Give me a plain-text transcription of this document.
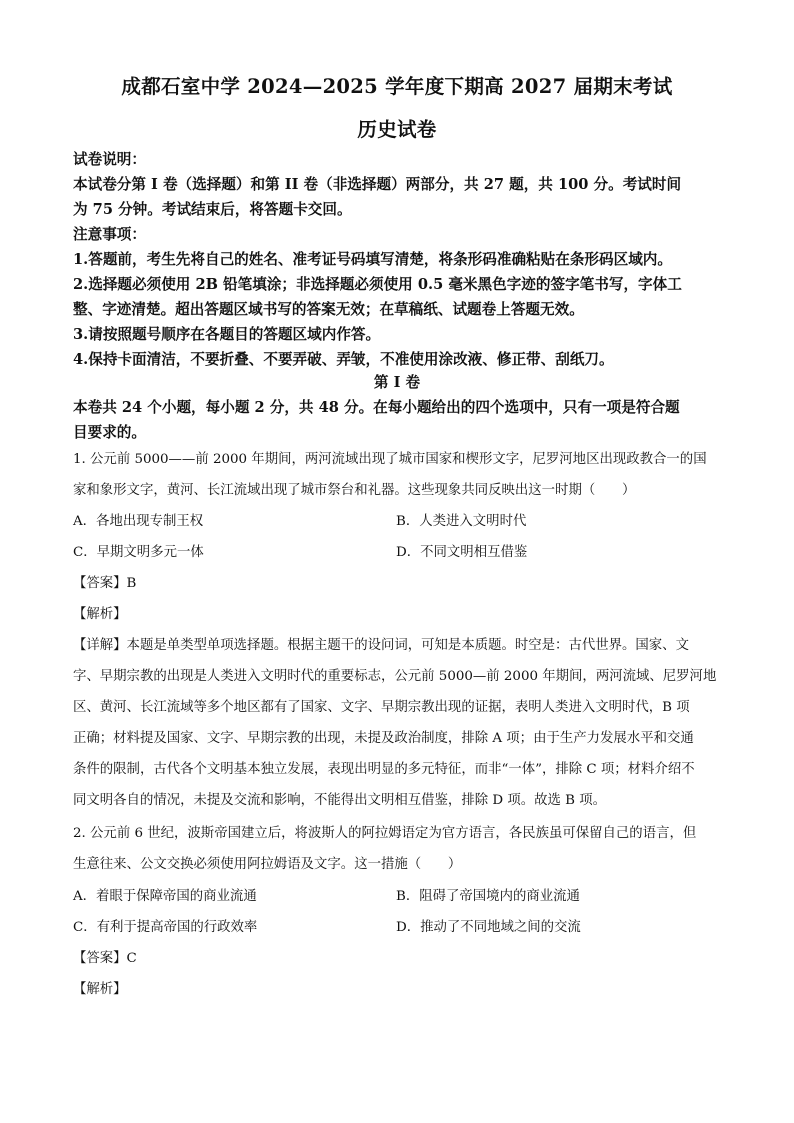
成都石室中学 2024—2025 学年度下期高 2027 届期末考试
历史试卷
试卷说明：
本试卷分第 I 卷（选择题）和第 II 卷（非选择题）两部分，共 27 题，共 100 分。考试时间
为 75 分钟。考试结束后，将答题卡交回。
注意事项：
1.答题前，考生先将自己的姓名、准考证号码填写清楚，将条形码准确粘贴在条形码区域内。
2.选择题必须使用 2B 铅笔填涂；非选择题必须使用 0.5 毫米黑色字迹的签字笔书写，字体工
整、字迹清楚。超出答题区域书写的答案无效；在草稿纸、试题卷上答题无效。
3.请按照题号顺序在各题目的答题区域内作答。
4.保持卡面清洁，不要折叠、不要弄破、弄皱，不准使用涂改液、修正带、刮纸刀。
第 I 卷
本卷共 24 个小题，每小题 2 分，共 48 分。在每小题给出的四个选项中，只有一项是符合题
目要求的。
1. 公元前 5000——前 2000 年期间，两河流域出现了城市国家和楔形文字，尼罗河地区出现政教合一的国
家和象形文字，黄河、长江流域出现了城市祭台和礼器。这些现象共同反映出这一时期（　　）
A．各地出现专制王权	B．人类进入文明时代
C．早期文明多元一体	D．不同文明相互借鉴
【答案】B
【解析】
【详解】本题是单类型单项选择题。根据主题干的设问词，可知是本质题。时空是：古代世界。国家、文
字、早期宗教的出现是人类进入文明时代的重要标志，公元前 5000—前 2000 年期间，两河流域、尼罗河地
区、黄河、长江流域等多个地区都有了国家、文字、早期宗教出现的证据，表明人类进入文明时代，B 项
正确；材料提及国家、文字、早期宗教的出现，未提及政治制度，排除 A 项；由于生产力发展水平和交通
条件的限制，古代各个文明基本独立发展，表现出明显的多元特征，而非“一体”，排除 C 项；材料介绍不
同文明各自的情况，未提及交流和影响，不能得出文明相互借鉴，排除 D 项。故选 B 项。
2. 公元前 6 世纪，波斯帝国建立后，将波斯人的阿拉姆语定为官方语言，各民族虽可保留自己的语言，但
生意往来、公文交换必须使用阿拉姆语及文字。这一措施（　　）
A．着眼于保障帝国的商业流通	B．阻碍了帝国境内的商业流通
C．有利于提高帝国的行政效率	D．推动了不同地域之间的交流
【答案】C
【解析】
